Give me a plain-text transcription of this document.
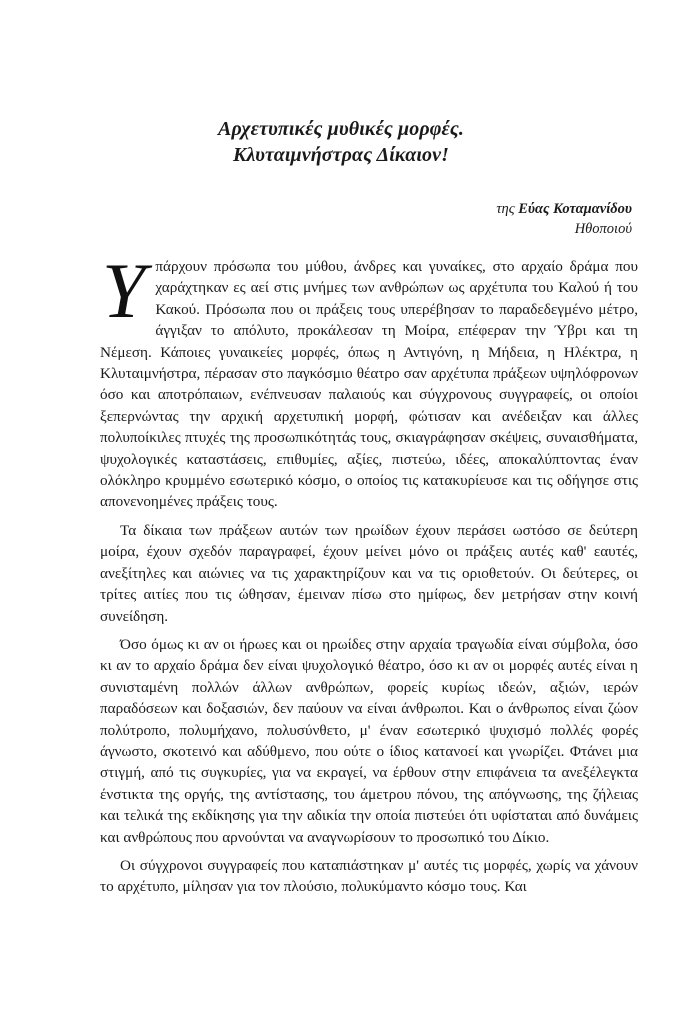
Αρχετυπικές μυθικές μορφές.
Κλυταιμνήστρας Δίκαιον!
της Εύας Κοταμανίδου
Ηθοποιού

Υπάρχουν πρόσωπα του μύθου, άνδρες και γυναίκες, στο αρχαίο δράμα που χαράχτηκαν ες αεί στις μνήμες των ανθρώπων ως αρχέτυπα του Καλού ή του Κακού. Πρόσωπα που οι πράξεις τους υπερέβησαν το παραδεδεγμένο μέτρο, άγγιξαν το απόλυτο, προκάλεσαν τη Μοίρα, επέφεραν την Ύβρι και τη Νέμεση. Κάποιες γυναικείες μορφές, όπως η Αντιγόνη, η Μήδεια, η Ηλέκτρα, η Κλυταιμνήστρα, πέρασαν στο παγκόσμιο θέατρο σαν αρχέτυπα πράξεων υψηλόφρονων όσο και αποτρόπαιων, ενέπνευσαν παλαιούς και σύγχρονους συγγραφείς, οι οποίοι ξεπερνώντας την αρχική αρχετυπική μορφή, φώτισαν και ανέδειξαν και άλλες πολυποίκιλες πτυχές της προσωπικότητάς τους, σκιαγράφησαν σκέψεις, συναισθήματα, ψυχολογικές καταστάσεις, επιθυμίες, αξίες, πιστεύω, ιδέες, αποκαλύπτοντας έναν ολόκληρο κρυμμένο εσωτερικό κόσμο, ο οποίος τις κατακυρίευσε και τις οδήγησε στις απονενοημένες πράξεις τους.

Τα δίκαια των πράξεων αυτών των ηρωίδων έχουν περάσει ωστόσο σε δεύτερη μοίρα, έχουν σχεδόν παραγραφεί, έχουν μείνει μόνο οι πράξεις αυτές καθ' εαυτές, ανεξίτηλες και αιώνιες να τις χαρακτηρίζουν και να τις οριοθετούν. Οι δεύτερες, οι τρίτες αιτίες που τις ώθησαν, έμειναν πίσω στο ημίφως, δεν μετρήσαν στην κοινή συνείδηση.

Όσο όμως κι αν οι ήρωες και οι ηρωίδες στην αρχαία τραγωδία είναι σύμβολα, όσο κι αν το αρχαίο δράμα δεν είναι ψυχολογικό θέατρο, όσο κι αν οι μορφές αυτές είναι η συνισταμένη πολλών άλλων ανθρώπων, φορείς κυρίως ιδεών, αξιών, ιερών παραδόσεων και δοξασιών, δεν παύουν να είναι άνθρωποι. Και ο άνθρωπος είναι ζώον πολύτροπο, πολυμήχανο, πολυσύνθετο, μ' έναν εσωτερικό ψυχισμό πολλές φορές άγνωστο, σκοτεινό και αδύθμενο, που ούτε ο ίδιος κατανοεί και γνωρίζει. Φτάνει μια στιγμή, από τις συγκυρίες, για να εκραγεί, να έρθουν στην επιφάνεια τα ανεξέλεγκτα ένστικτα της οργής, της αντίστασης, του άμετρου πόνου, της απόγνωσης, της ζήλειας και τελικά της εκδίκησης για την αδικία την οποία πιστεύει ότι υφίσταται από δυνάμεις και ανθρώπους που αρνούνται να αναγνωρίσουν το προσωπικό του Δίκιο.

Οι σύγχρονοι συγγραφείς που καταπιάστηκαν μ' αυτές τις μορφές, χωρίς να χάνουν το αρχέτυπο, μίλησαν για τον πλούσιο, πολυκύμαντο κόσμο τους. Και
